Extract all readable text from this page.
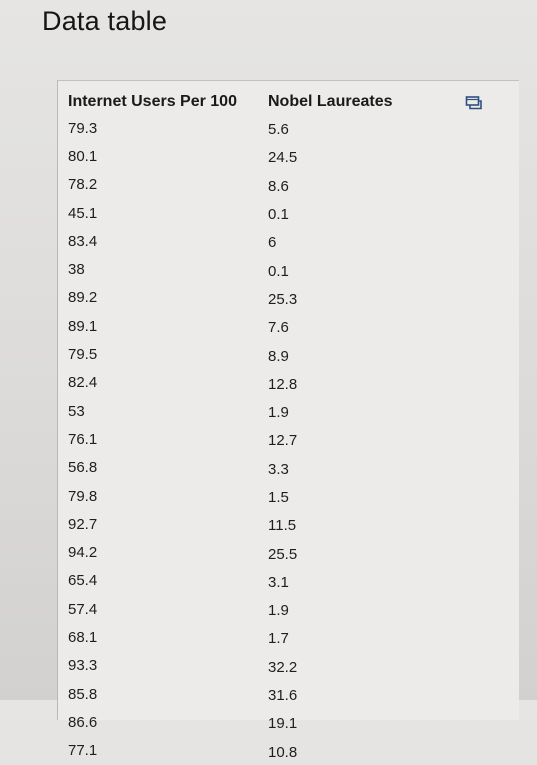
Data table
Internet Users Per 100	Nobel Laureates
79.3	5.6
80.1	24.5
78.2	8.6
45.1	0.1
83.4	6
38	0.1
89.2	25.3
89.1	7.6
79.5	8.9
82.4	12.8
53	1.9
76.1	12.7
56.8	3.3
79.8	1.5
92.7	11.5
94.2	25.5
65.4	3.1
57.4	1.9
68.1	1.7
93.3	32.2
85.8	31.6
86.6	19.1
77.1	10.8
